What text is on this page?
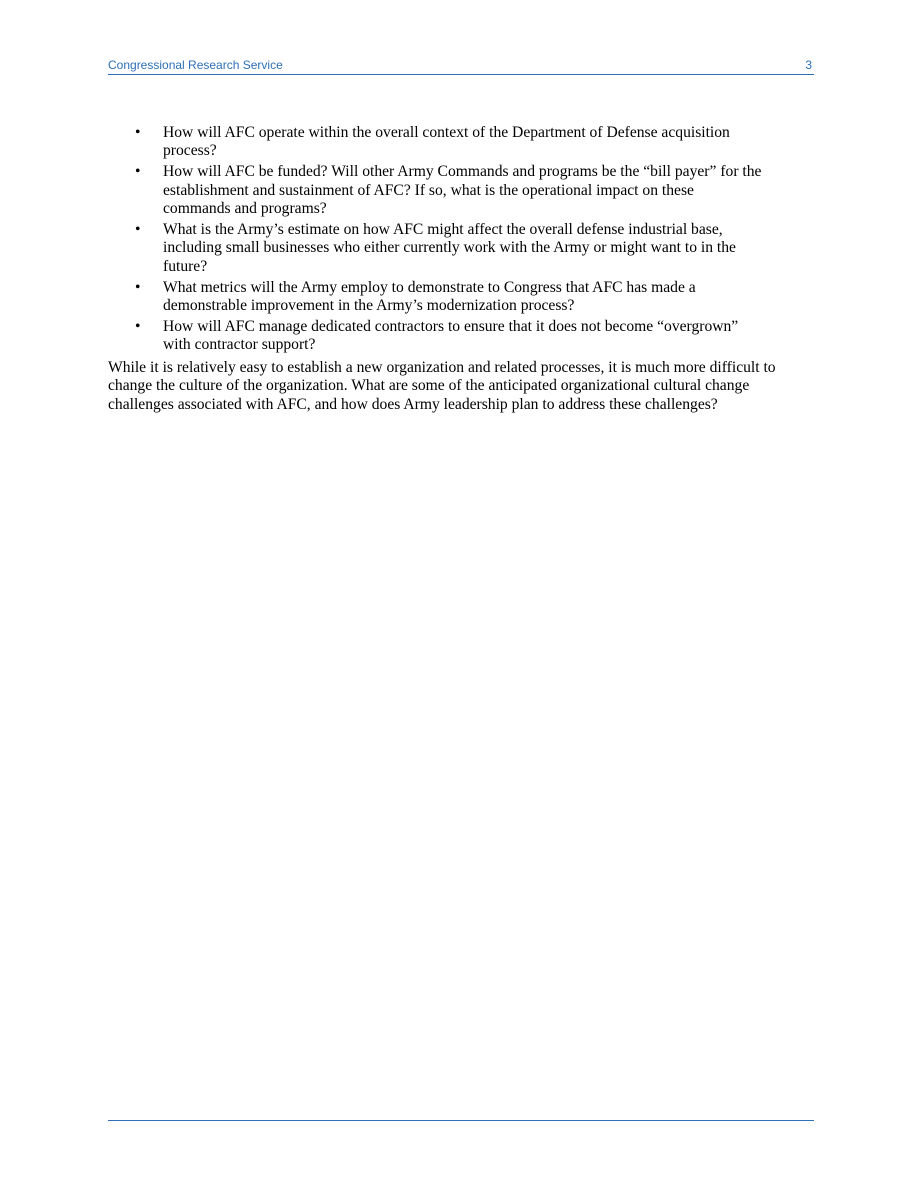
Congressional Research Service	3
• How will AFC operate within the overall context of the Department of Defense acquisition process?
• How will AFC be funded? Will other Army Commands and programs be the “bill payer” for the establishment and sustainment of AFC? If so, what is the operational impact on these commands and programs?
• What is the Army’s estimate on how AFC might affect the overall defense industrial base, including small businesses who either currently work with the Army or might want to in the future?
• What metrics will the Army employ to demonstrate to Congress that AFC has made a demonstrable improvement in the Army’s modernization process?
• How will AFC manage dedicated contractors to ensure that it does not become “overgrown” with contractor support?

While it is relatively easy to establish a new organization and related processes, it is much more difficult to change the culture of the organization. What are some of the anticipated organizational cultural change challenges associated with AFC, and how does Army leadership plan to address these challenges?
